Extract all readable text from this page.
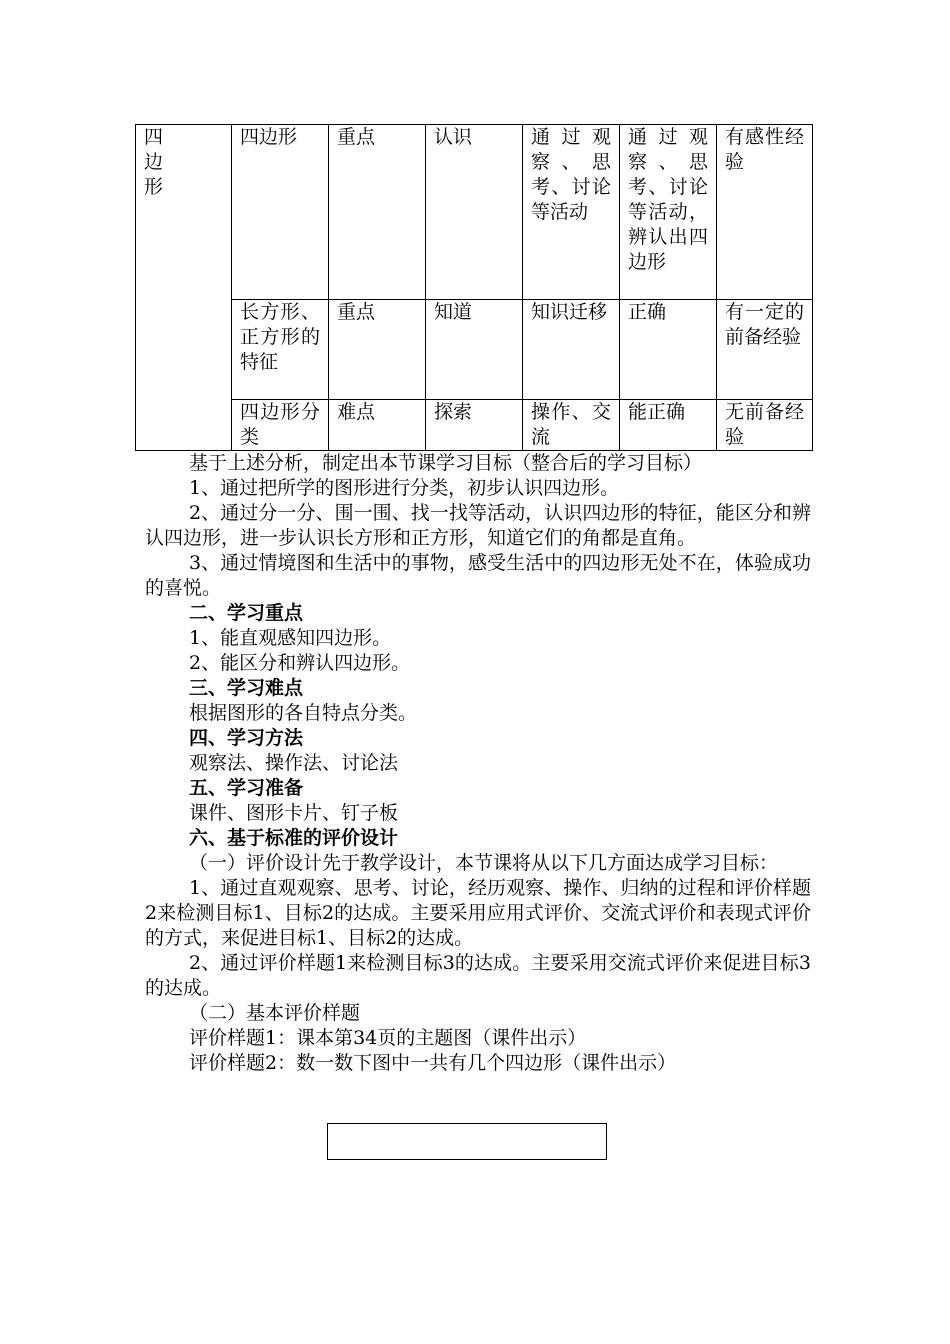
四边形	四边形	重点	认识	通过观察、思考、讨论等活动	通过观察、思考、讨论等活动，辨认出四边形	有感性经验
	长方形、正方形的特征	重点	知道	知识迁移	正确	有一定的前备经验
	四边形分类	难点	探索	操作、交流	能正确	无前备经验

基于上述分析，制定出本节课学习目标（整合后的学习目标）

1、通过把所学的图形进行分类，初步认识四边形。

2、通过分一分、围一围、找一找等活动，认识四边形的特征，能区分和辨认四边形，进一步认识长方形和正方形，知道它们的角都是直角。

3、通过情境图和生活中的事物，感受生活中的四边形无处不在，体验成功的喜悦。

二、学习重点

1、能直观感知四边形。

2、能区分和辨认四边形。

三、学习难点

根据图形的各自特点分类。

四、学习方法

观察法、操作法、讨论法

五、学习准备

课件、图形卡片、钉子板

六、基于标准的评价设计

（一）评价设计先于教学设计，本节课将从以下几方面达成学习目标：

1、通过直观观察、思考、讨论，经历观察、操作、归纳的过程和评价样题2来检测目标1、目标2的达成。主要采用应用式评价、交流式评价和表现式评价的方式，来促进目标1、目标2的达成。

2、通过评价样题1来检测目标3的达成。主要采用交流式评价来促进目标3的达成。

（二）基本评价样题

评价样题1：课本第34页的主题图（课件出示）

评价样题2：数一数下图中一共有几个四边形（课件出示）
